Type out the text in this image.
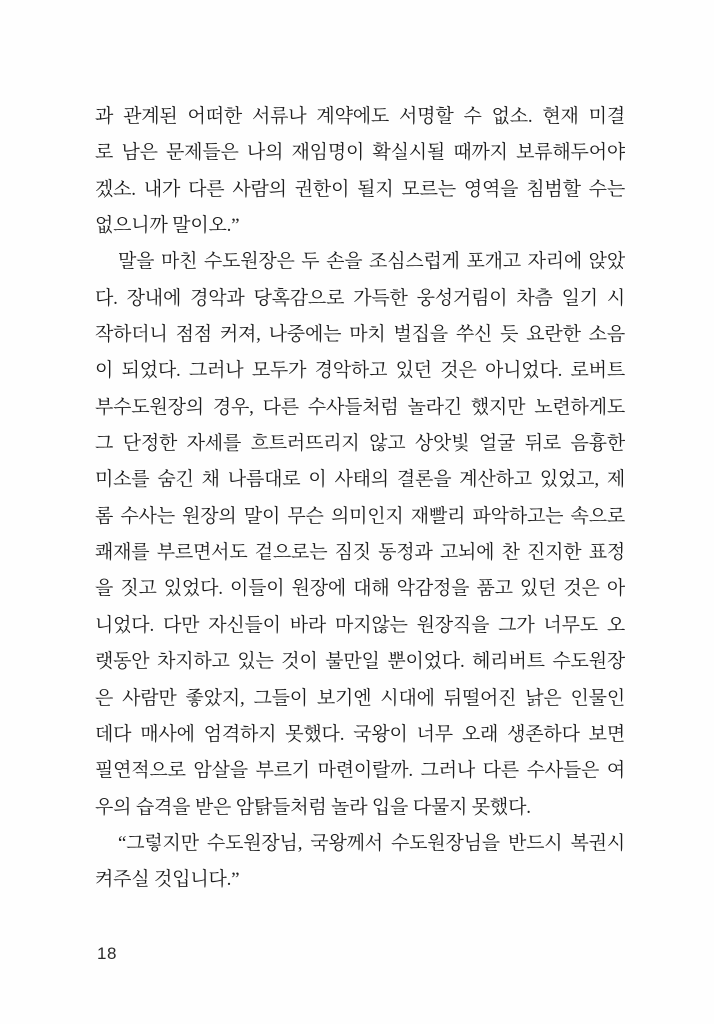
과 관계된 어떠한 서류나 계약에도 서명할 수 없소. 현재 미결

로 남은 문제들은 나의 재임명이 확실시될 때까지 보류해두어야

겠소. 내가 다른 사람의 권한이 될지 모르는 영역을 침범할 수는

없으니까 말이오.”

말을 마친 수도원장은 두 손을 조심스럽게 포개고 자리에 앉았

다. 장내에 경악과 당혹감으로 가득한 웅성거림이 차츰 일기 시

작하더니 점점 커져, 나중에는 마치 벌집을 쑤신 듯 요란한 소음

이 되었다. 그러나 모두가 경악하고 있던 것은 아니었다. 로버트

부수도원장의 경우, 다른 수사들처럼 놀라긴 했지만 노련하게도

그 단정한 자세를 흐트러뜨리지 않고 상앗빛 얼굴 뒤로 음흉한

미소를 숨긴 채 나름대로 이 사태의 결론을 계산하고 있었고, 제

롬 수사는 원장의 말이 무슨 의미인지 재빨리 파악하고는 속으로

쾌재를 부르면서도 겉으로는 짐짓 동정과 고뇌에 찬 진지한 표정

을 짓고 있었다. 이들이 원장에 대해 악감정을 품고 있던 것은 아

니었다. 다만 자신들이 바라 마지않는 원장직을 그가 너무도 오

랫동안 차지하고 있는 것이 불만일 뿐이었다. 헤리버트 수도원장

은 사람만 좋았지, 그들이 보기엔 시대에 뒤떨어진 낡은 인물인

데다 매사에 엄격하지 못했다. 국왕이 너무 오래 생존하다 보면

필연적으로 암살을 부르기 마련이랄까. 그러나 다른 수사들은 여

우의 습격을 받은 암탉들처럼 놀라 입을 다물지 못했다.

“그렇지만 수도원장님, 국왕께서 수도원장님을 반드시 복권시

켜주실 것입니다.”

18
